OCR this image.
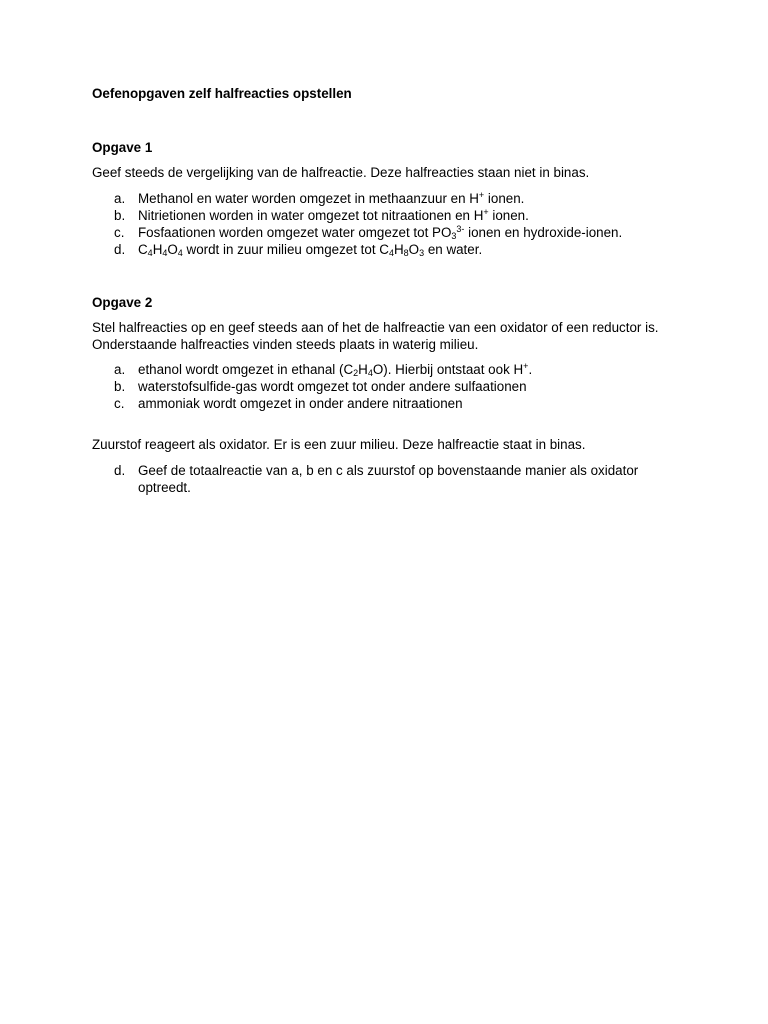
Oefenopgaven zelf halfreacties opstellen

Opgave 1

Geef steeds de vergelijking van de halfreactie. Deze halfreacties staan niet in binas.

a. Methanol en water worden omgezet in methaanzuur en H+ ionen.
b. Nitrietionen worden in water omgezet tot nitraationen en H+ ionen.
c. Fosfaationen worden omgezet water omgezet tot $PO_3^{3-}$ ionen en hydroxide-ionen.
d. $C_4H_4O_4$ wordt in zuur milieu omgezet tot $C_4H_8O_3$ en water.

Opgave 2

Stel halfreacties op en geef steeds aan of het de halfreactie van een oxidator of een reductor is. Onderstaande halfreacties vinden steeds plaats in waterig milieu.

a. ethanol wordt omgezet in ethanal $(C_2H_4O)$. Hierbij ontstaat ook H+.
b. waterstofsulfide-gas wordt omgezet tot onder andere sulfaationen
c. ammoniak wordt omgezet in onder andere nitraationen

Zuurstof reageert als oxidator. Er is een zuur milieu. Deze halfreactie staat in binas.

d. Geef de totaalreactie van a, b en c als zuurstof op bovenstaande manier als oxidator optreedt.
